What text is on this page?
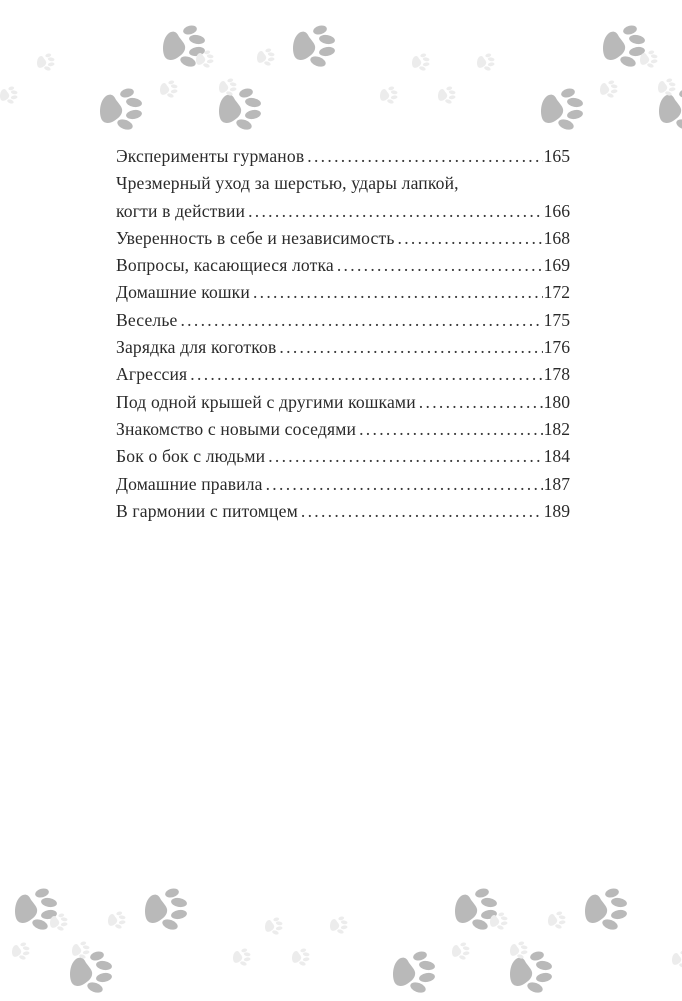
Эксперименты гурманов . . .	165
Чрезмерный уход за шерстью, удары лапкой,
когти в действии . . .	166
Уверенность в себе и независимость . . .	168
Вопросы, касающиеся лотка . . .	169
Домашние кошки . . .	172
Веселье . . .	175
Зарядка для коготков . . .	176
Агрессия . . .	178
Под одной крышей с другими кошками . . .	180
Знакомство с новыми соседями . . .	182
Бок о бок с людьми . . .	184
Домашние правила . . .	187
В гармонии с питомцем . . .	189
